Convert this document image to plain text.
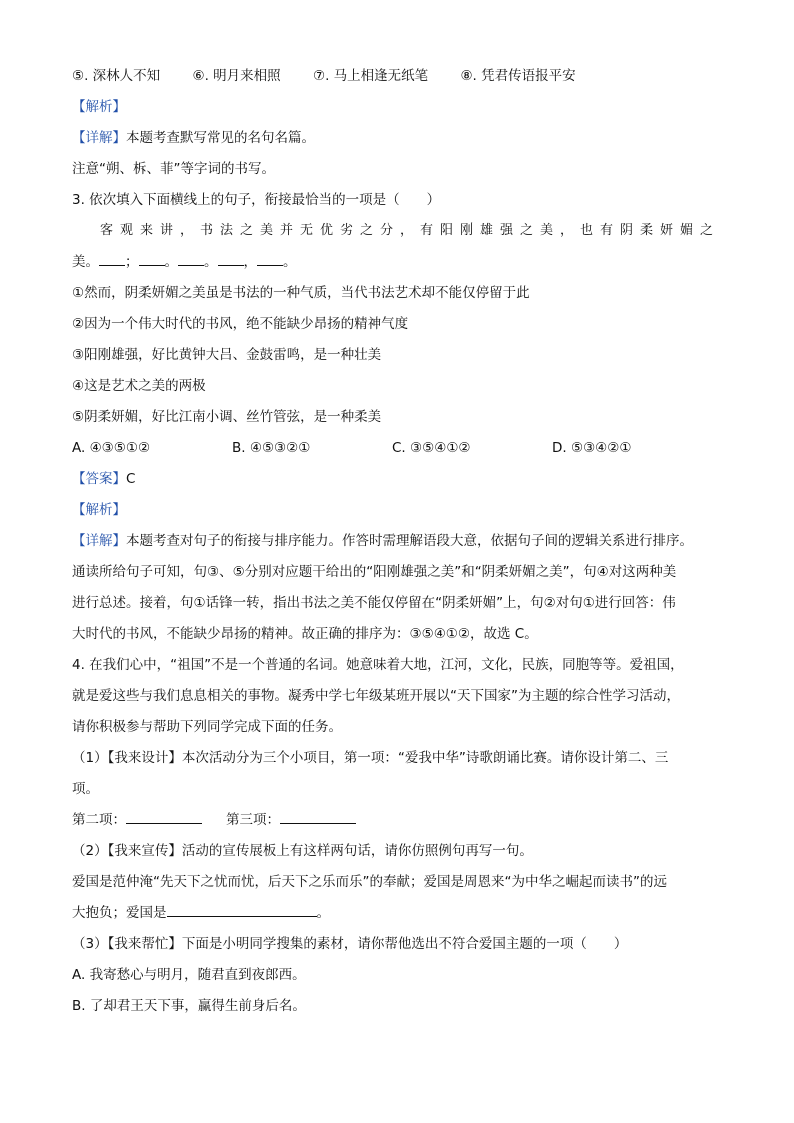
⑤. 深林人不知 ⑥. 明月来相照 ⑦. 马上相逢无纸笔 ⑧. 凭君传语报平安
【解析】
【详解】本题考查默写常见的名句名篇。
注意“朔、柝、菲”等字词的书写。
3. 依次填入下面横线上的句子，衔接最恰当的一项是（　　）
客观来讲，书法之美并无优劣之分，有阳刚雄强之美，也有阴柔妍媚之
美。 ； 。 。 ， 。
①然而，阴柔妍媚之美虽是书法的一种气质，当代书法艺术却不能仅停留于此
②因为一个伟大时代的书风，绝不能缺少昂扬的精神气度
③阳刚雄强，好比黄钟大吕、金鼓雷鸣，是一种壮美
④这是艺术之美的两极
⑤阴柔妍媚，好比江南小调、丝竹管弦，是一种柔美
A. ④③⑤①②	B. ④⑤③②①	C. ③⑤④①②	D. ⑤③④②①
【答案】C
【解析】
【详解】本题考查对句子的衔接与排序能力。作答时需理解语段大意，依据句子间的逻辑关系进行排序。
通读所给句子可知，句③、⑤分别对应题干给出的“阳刚雄强之美”和“阴柔妍媚之美”，句④对这两种美
进行总述。接着，句①话锋一转，指出书法之美不能仅停留在“阴柔妍媚”上，句②对句①进行回答：伟
大时代的书风，不能缺少昂扬的精神。故正确的排序为：③⑤④①②，故选 C。
4. 在我们心中，“祖国”不是一个普通的名词。她意味着大地，江河，文化，民族，同胞等等。爱祖国，
就是爱这些与我们息息相关的事物。凝秀中学七年级某班开展以“天下国家”为主题的综合性学习活动，
请你积极参与帮助下列同学完成下面的任务。
（1）【我来设计】本次活动分为三个小项目，第一项：“爱我中华”诗歌朗诵比赛。请你设计第二、三
项。
第二项：	第三项：
（2）【我来宣传】活动的宣传展板上有这样两句话，请你仿照例句再写一句。
爱国是范仲淹“先天下之忧而忧，后天下之乐而乐”的奉献；爱国是周恩来“为中华之崛起而读书”的远
大抱负；爱国是	。
（3）【我来帮忙】下面是小明同学搜集的素材，请你帮他选出不符合爱国主题的一项（　　）
A. 我寄愁心与明月，随君直到夜郎西。
B. 了却君王天下事，赢得生前身后名。
